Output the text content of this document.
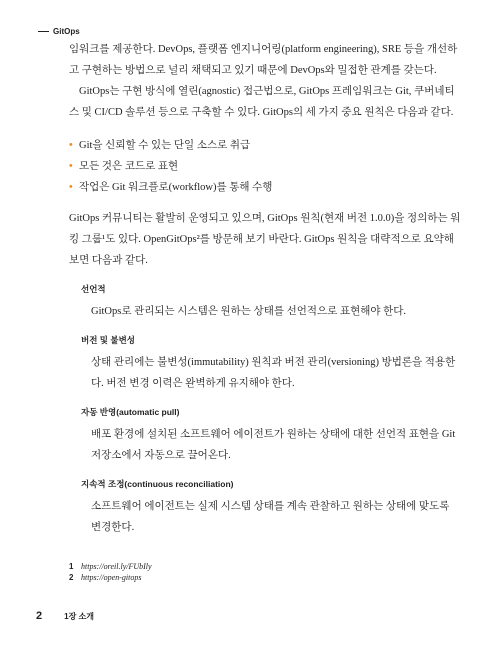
GitOps

임워크를 제공한다. DevOps, 플랫폼 엔지니어링(platform engineering), SRE 등을 개선하고 구현하는 방법으로 널리 채택되고 있기 때문에 DevOps와 밀접한 관계를 갖는다.

GitOps는 구현 방식에 열린(agnostic) 접근법으로, GitOps 프레임워크는 Git, 쿠버네티스 및 CI/CD 솔루션 등으로 구축할 수 있다. GitOps의 세 가지 중요 원칙은 다음과 같다.

• Git을 신뢰할 수 있는 단일 소스로 취급
• 모든 것은 코드로 표현
• 작업은 Git 워크플로(workflow)를 통해 수행

GitOps 커뮤니티는 활발히 운영되고 있으며, GitOps 원칙(현재 버전 1.0.0)을 정의하는 워킹 그룹¹도 있다. OpenGitOps²를 방문해 보기 바란다. GitOps 원칙을 대략적으로 요약해 보면 다음과 같다.

선언적
GitOps로 관리되는 시스템은 원하는 상태를 선언적으로 표현해야 한다.
버전 및 불변성
상태 관리에는 불변성(immutability) 원칙과 버전 관리(versioning) 방법론을 적용한다. 버전 변경 이력은 완벽하게 유지해야 한다.
자동 반영(automatic pull)
배포 환경에 설치된 소프트웨어 에이전트가 원하는 상태에 대한 선언적 표현을 Git 저장소에서 자동으로 끌어온다.
지속적 조정(continuous reconciliation)
소프트웨어 에이전트는 실제 시스템 상태를 계속 관찰하고 원하는 상태에 맞도록 변경한다.
1 https://oreil.ly/FUbIly
2 https://open-gitops
2	1장 소개
